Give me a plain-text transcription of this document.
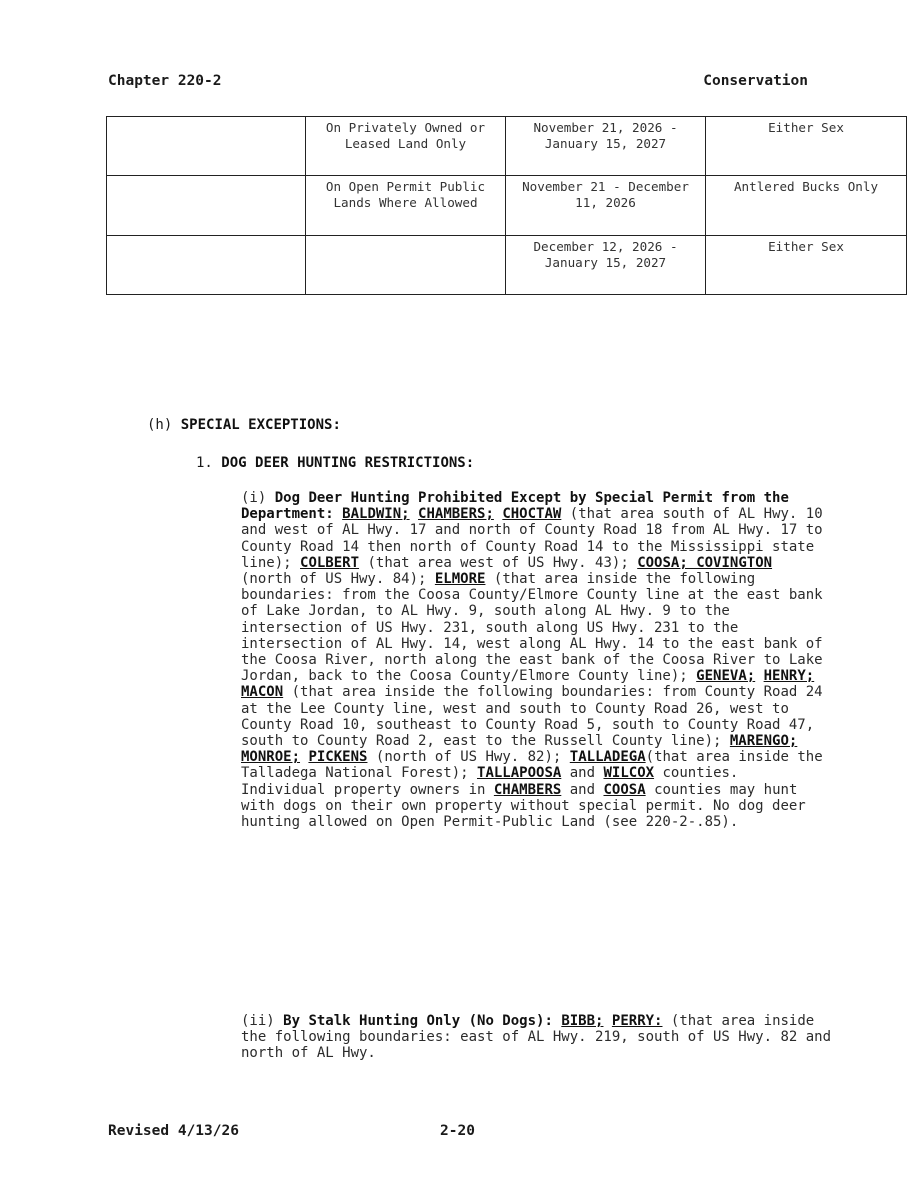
Chapter 220-2	Conservation
	On Privately Owned or Leased Land Only	November 21, 2026 - January 15, 2027	Either Sex
	On Open Permit Public Lands Where Allowed	November 21 - December 11, 2026	Antlered Bucks Only
		December 12, 2026 - January 15, 2027	Either Sex
(h) SPECIAL EXCEPTIONS:
1. DOG DEER HUNTING RESTRICTIONS:
(i) Dog Deer Hunting Prohibited Except by Special Permit from the Department: BALDWIN; CHAMBERS; CHOCTAW (that area south of AL Hwy. 10 and west of AL Hwy. 17 and north of County Road 18 from AL Hwy. 17 to County Road 14 then north of County Road 14 to the Mississippi state line); COLBERT (that area west of US Hwy. 43); COOSA; COVINGTON (north of US Hwy. 84); ELMORE (that area inside the following boundaries: from the Coosa County/Elmore County line at the east bank of Lake Jordan, to AL Hwy. 9, south along AL Hwy. 9 to the intersection of US Hwy. 231, south along US Hwy. 231 to the intersection of AL Hwy. 14, west along AL Hwy. 14 to the east bank of the Coosa River, north along the east bank of the Coosa River to Lake Jordan, back to the Coosa County/Elmore County line); GENEVA; HENRY; MACON (that area inside the following boundaries: from County Road 24 at the Lee County line, west and south to County Road 26, west to County Road 10, southeast to County Road 5, south to County Road 47, south to County Road 2, east to the Russell County line); MARENGO; MONROE; PICKENS (north of US Hwy. 82); TALLADEGA(that area inside the Talladega National Forest); TALLAPOOSA and WILCOX counties. Individual property owners in CHAMBERS and COOSA counties may hunt with dogs on their own property without special permit. No dog deer hunting allowed on Open Permit-Public Land (see 220-2-.85).
(ii) By Stalk Hunting Only (No Dogs): BIBB; PERRY: (that area inside the following boundaries: east of AL Hwy. 219, south of US Hwy. 82 and north of AL Hwy.
Revised 4/13/26	2-20
